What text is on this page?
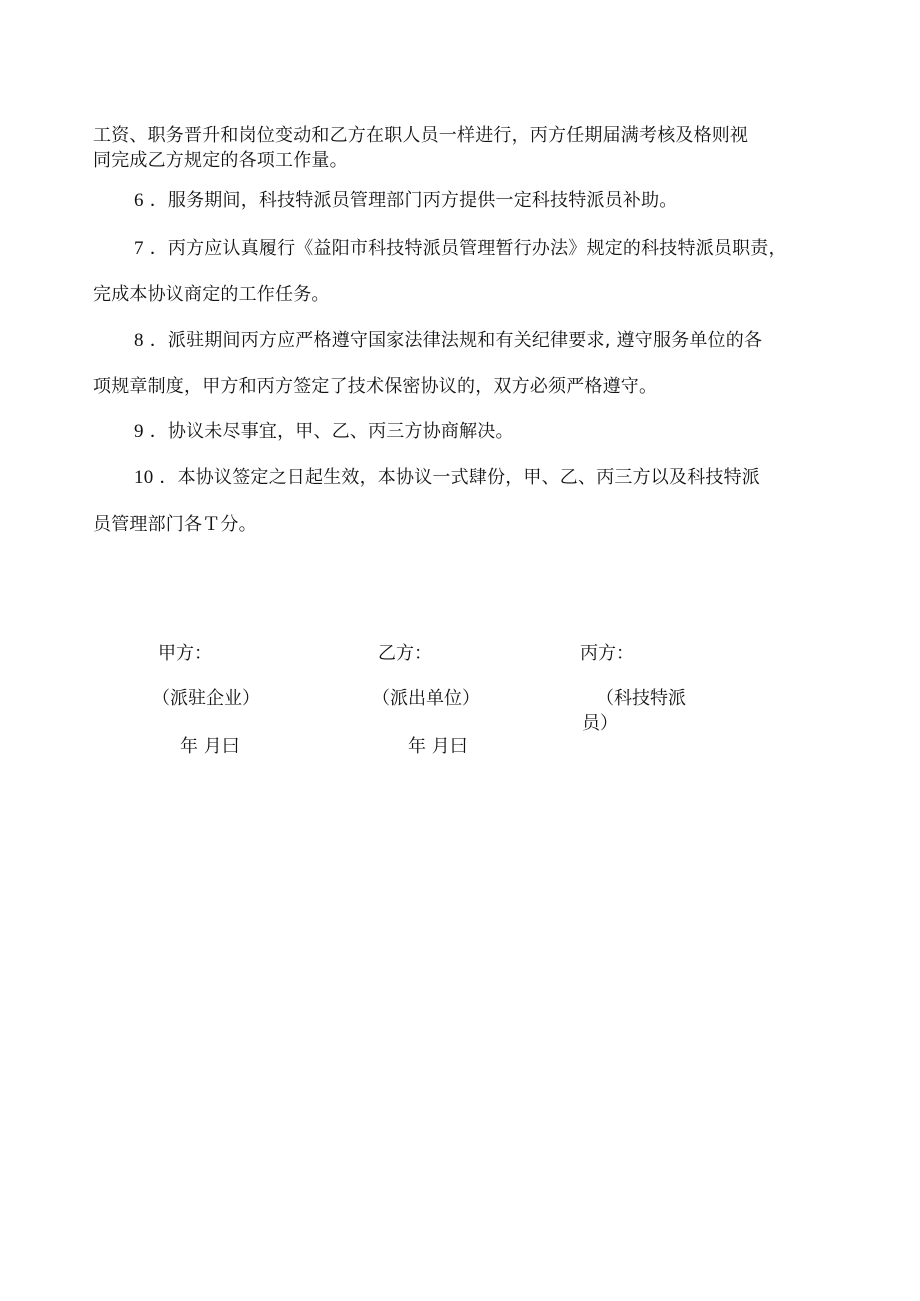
工资、职务晋升和岗位变动和乙方在职人员一样进行，丙方任期届满考核及格则视
同完成乙方规定的各项工作量。
6 ．服务期间，科技特派员管理部门丙方提供一定科技特派员补助。
7 ．丙方应认真履行《益阳市科技特派员管理暂行办法》规定的科技特派员职责，
完成本协议商定的工作任务。
8 ．派驻期间丙方应严格遵守国家法律法规和有关纪律要求, 遵守服务单位的各
项规章制度，甲方和丙方签定了技术保密协议的，双方必须严格遵守。
9 ．协议未尽事宜，甲、乙、丙三方协商解决。
10 ．本协议签定之日起生效，本协议一式肆份，甲、乙、丙三方以及科技特派
员管理部门各Ｔ分。
甲方：
（派驻企业）
年 月曰
乙方：
（派出单位）
年 月曰
丙方：
（科技特派
员）
